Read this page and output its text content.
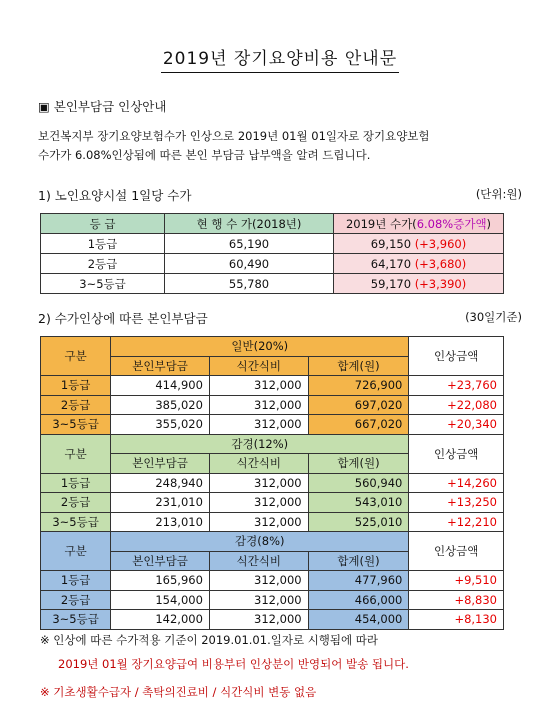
2019년 장기요양비용 안내문
▣ 본인부담금 인상안내
보건복지부 장기요양보험수가 인상으로 2019년 01월 01일자로 장기요양보험
수가가 6.08%인상됨에 따른 본인 부담금 납부액을 알려 드립니다.
1) 노인요양시설 1일당 수가	(단위:원)
등 급	현 행 수 가(2018년)	2019년 수가(6.08%증가액)
1등급	65,190	69,150 (+3,960)
2등급	60,490	64,170 (+3,680)
3~5등급	55,780	59,170 (+3,390)
2) 수가인상에 따른 본인부담금	(30일기준)
구분	일반(20%)			인상금액
	본인부담금	식간식비	합계(원)	
1등급	414,900	312,000	726,900	+23,760
2등급	385,020	312,000	697,020	+22,080
3~5등급	355,020	312,000	667,020	+20,340
구분	감경(12%)			인상금액
	본인부담금	식간식비	합계(원)	
1등급	248,940	312,000	560,940	+14,260
2등급	231,010	312,000	543,010	+13,250
3~5등급	213,010	312,000	525,010	+12,210
구분	감경(8%)			인상금액
	본인부담금	식간식비	합계(원)	
1등급	165,960	312,000	477,960	+9,510
2등급	154,000	312,000	466,000	+8,830
3~5등급	142,000	312,000	454,000	+8,130
※ 인상에 따른 수가적용 기준이 2019.01.01.일자로 시행됨에 따라
2019년 01월 장기요양급여 비용부터 인상분이 반영되어 발송 됩니다.
※ 기초생활수급자 / 촉탁의진료비 / 식간식비 변동 없음
